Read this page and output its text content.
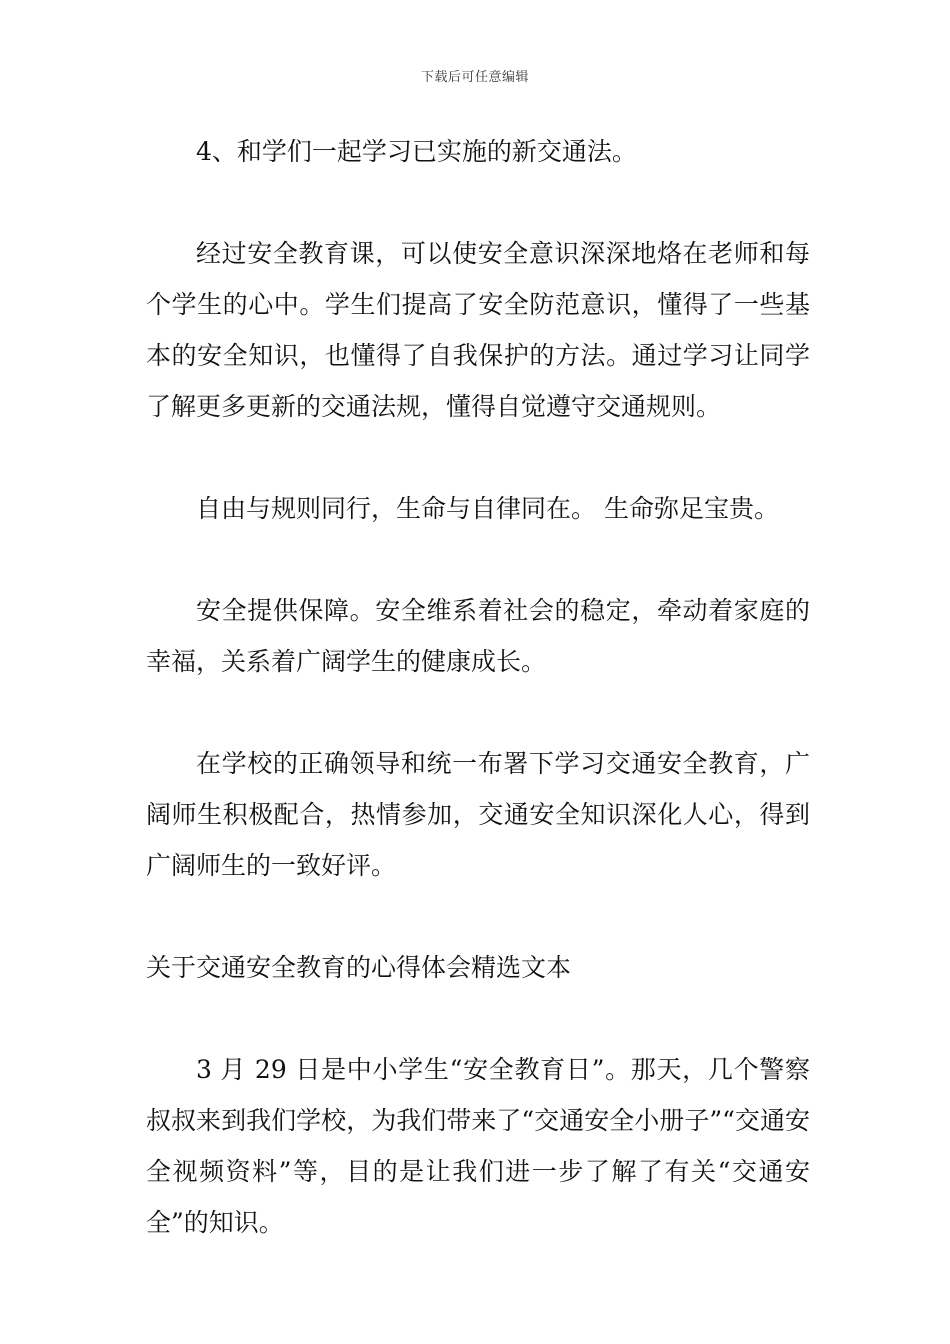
下载后可任意编辑

4、和学们一起学习已实施的新交通法。

经过安全教育课，可以使安全意识深深地烙在老师和每个学生的心中。学生们提高了安全防范意识，懂得了一些基本的安全知识，也懂得了自我保护的方法。通过学习让同学了解更多更新的交通法规，懂得自觉遵守交通规则。

自由与规则同行，生命与自律同在。 生命弥足宝贵。

安全提供保障。安全维系着社会的稳定，牵动着家庭的幸福，关系着广阔学生的健康成长。

在学校的正确领导和统一布署下学习交通安全教育，广阔师生积极配合，热情参加，交通安全知识深化人心，得到广阔师生的一致好评。

关于交通安全教育的心得体会精选文本

3 月 29 日是中小学生“安全教育日”。那天，几个警察叔叔来到我们学校，为我们带来了“交通安全小册子”“交通安全视频资料”等，目的是让我们进一步了解了有关“交通安全”的知识。
